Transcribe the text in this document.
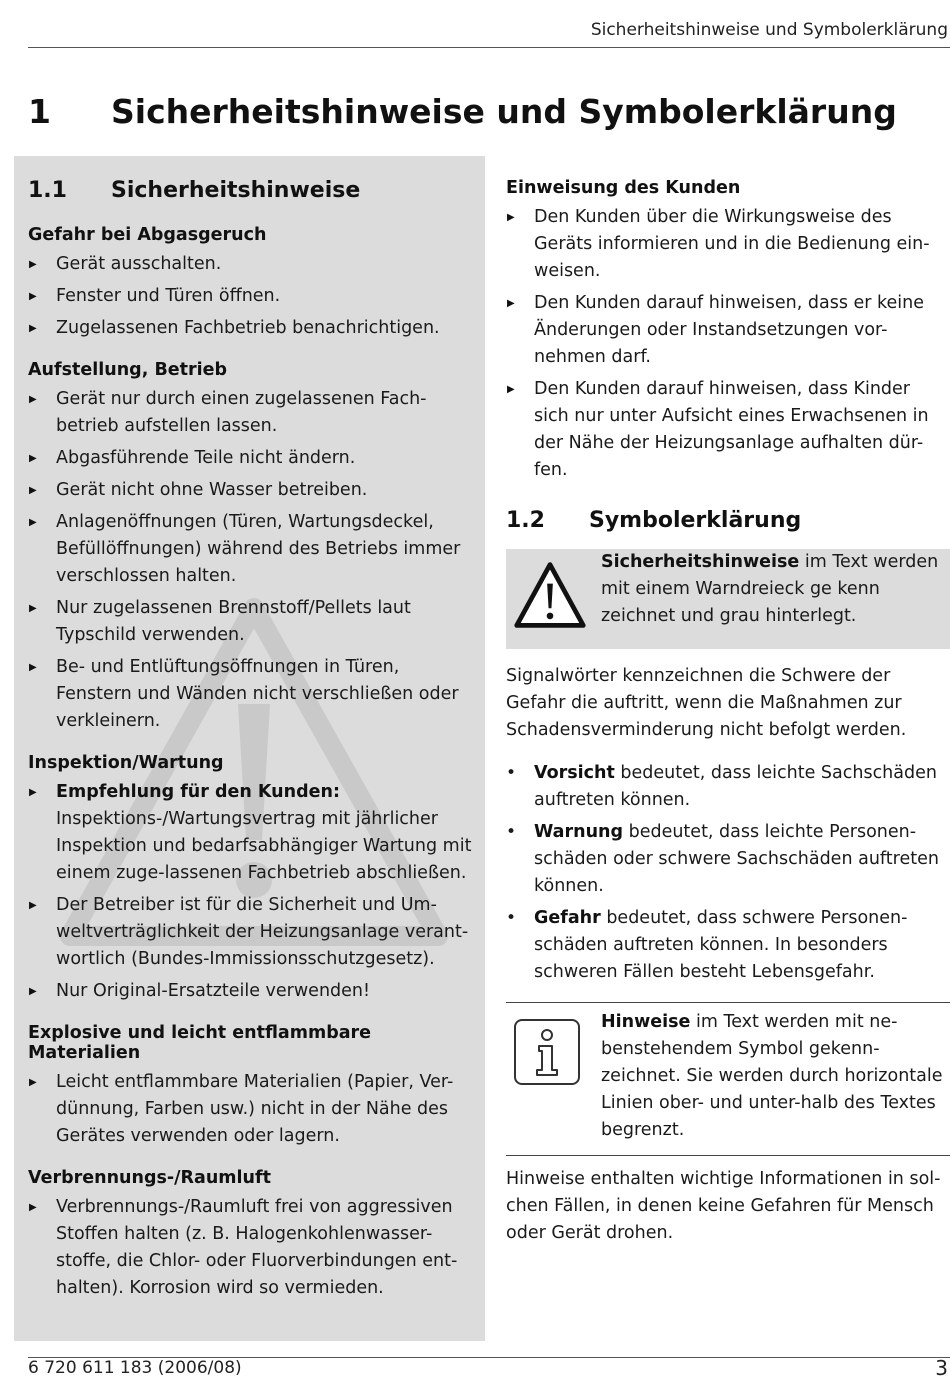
Sicherheitshinweise und Symbolerklärung
1 Sicherheitshinweise und Symbolerklärung
1.1 Sicherheitshinweise
Gefahr bei Abgasgeruch
▶ Gerät ausschalten.
▶ Fenster und Türen öffnen.
▶ Zugelassenen Fachbetrieb benachrichtigen.
Aufstellung, Betrieb
▶ Gerät nur durch einen zugelassenen Fach-betrieb aufstellen lassen.
▶ Abgasführende Teile nicht ändern.
▶ Gerät nicht ohne Wasser betreiben.
▶ Anlagenöffnungen (Türen, Wartungsdeckel, Befüllöffnungen) während des Betriebs immer verschlossen halten.
▶ Nur zugelassenen Brennstoff/Pellets laut Typschild verwenden.
▶ Be- und Entlüftungsöffnungen in Türen, Fenstern und Wänden nicht verschließen oder verkleinern.
Inspektion/Wartung
▶ Empfehlung für den Kunden: Inspektions-/Wartungsvertrag mit jährlicher Inspektion und bedarfsabhängiger Wartung mit einem zuge-lassenen Fachbetrieb abschließen.
▶ Der Betreiber ist für die Sicherheit und Um-weltverträglichkeit der Heizungsanlage verant-wortlich (Bundes-Immissionsschutzgesetz).
▶ Nur Original-Ersatzteile verwenden!
Explosive und leicht entflammbare Materialien
▶ Leicht entflammbare Materialien (Papier, Ver-dünnung, Farben usw.) nicht in der Nähe des Gerätes verwenden oder lagern.
Verbrennungs-/Raumluft
▶ Verbrennungs-/Raumluft frei von aggressiven Stoffen halten (z. B. Halogenkohlenwasser-stoffe, die Chlor- oder Fluorverbindungen ent-halten). Korrosion wird so vermieden.
Einweisung des Kunden
▶ Den Kunden über die Wirkungsweise des Geräts informieren und in die Bedienung ein-weisen.
▶ Den Kunden darauf hinweisen, dass er keine Änderungen oder Instandsetzungen vor-nehmen darf.
▶ Den Kunden darauf hinweisen, dass Kinder sich nur unter Aufsicht eines Erwachsenen in der Nähe der Heizungsanlage aufhalten dür-fen.
1.2 Symbolerklärung
Sicherheitshinweise im Text werden mit einem Warndreieck ge kenn zeichnet und grau hinterlegt.

Signalwörter kennzeichnen die Schwere der Gefahr die auftritt, wenn die Maßnahmen zur Schadensverminderung nicht befolgt werden.

• Vorsicht bedeutet, dass leichte Sachschäden auftreten können.
• Warnung bedeutet, dass leichte Personen-schäden oder schwere Sachschäden auftreten können.
• Gefahr bedeutet, dass schwere Personen-schäden auftreten können. In besonders schweren Fällen besteht Lebensgefahr.
Hinweise im Text werden mit ne-benstehendem Symbol gekenn-zeichnet. Sie werden durch horizontale Linien ober- und unter-halb des Textes begrenzt.

Hinweise enthalten wichtige Informationen in sol-chen Fällen, in denen keine Gefahren für Mensch oder Gerät drohen.

6 720 611 183 (2006/08)	3
